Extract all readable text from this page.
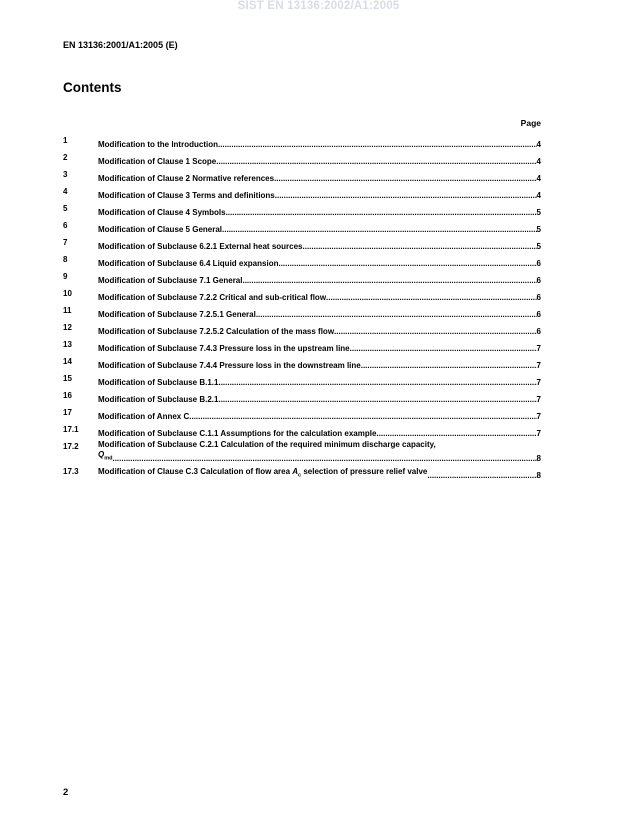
SIST EN 13136:2002/A1:2005
EN 13136:2001/A1:2005 (E)
Contents
Page
1	Modification to the Introduction .....	4
2	Modification of Clause 1 Scope .....	4
3	Modification of Clause 2 Normative references .....	4
4	Modification of Clause 3 Terms and definitions .....	4
5	Modification of Clause 4 Symbols .....	5
6	Modification of Clause 5 General .....	5
7	Modification of Subclause 6.2.1 External heat sources .....	5
8	Modification of Subclause 6.4 Liquid expansion .....	6
9	Modification of Subclause 7.1 General .....	6
10	Modification of Subclause 7.2.2 Critical and sub-critical flow .....	6
11	Modification of Subclause 7.2.5.1 General .....	6
12	Modification of Subclause 7.2.5.2 Calculation of the mass flow .....	6
13	Modification of Subclause 7.4.3 Pressure loss in the upstream line .....	7
14	Modification of Subclause 7.4.4 Pressure loss in the downstream line .....	7
15	Modification of Subclause B.1.1 .....	7
16	Modification of Subclause B.2.1 .....	7
17	Modification of Annex C .....	7
17.1	Modification of Subclause C.1.1 Assumptions for the calculation example .....	7
17.2	Modification of Subclause C.2.1 Calculation of the required minimum discharge capacity,
$Q_{md}$ .....	8
17.3	Modification of Clause C.3 Calculation of flow area $A_c$ selection of pressure relief valve .....	8
2
